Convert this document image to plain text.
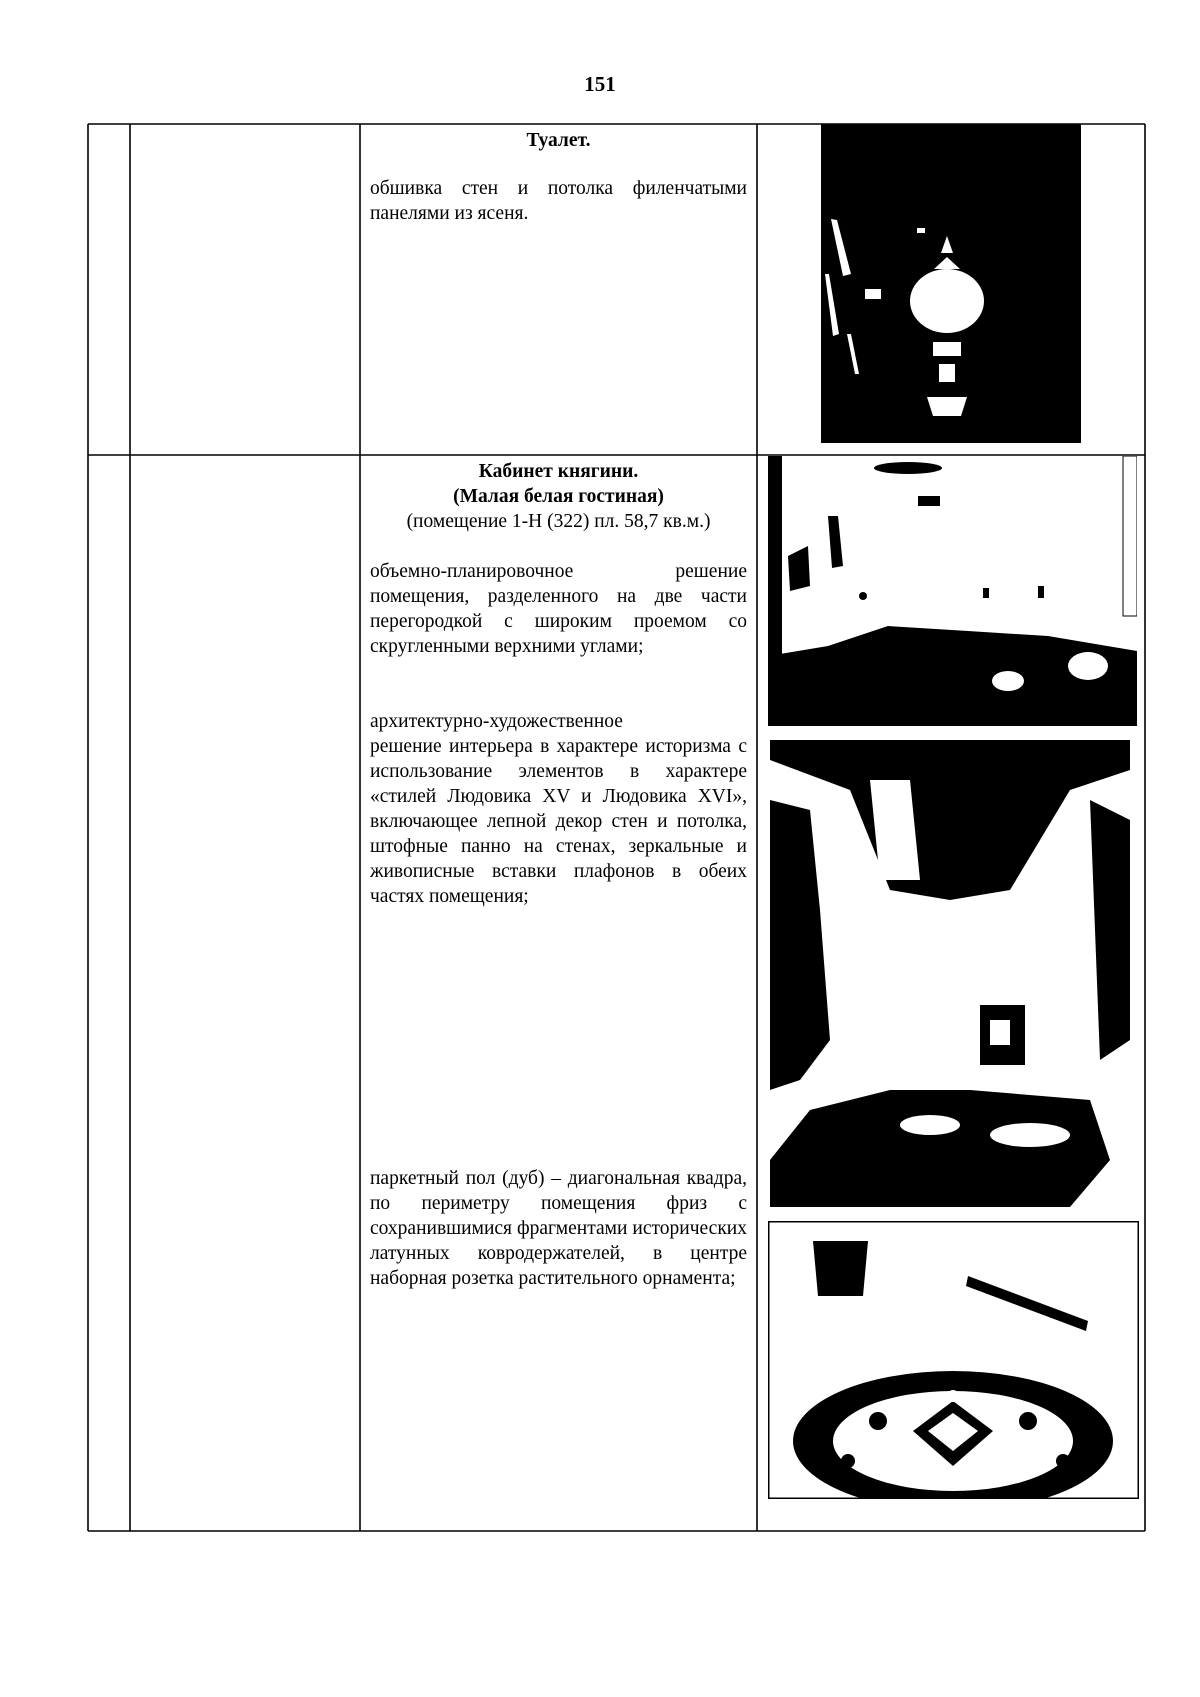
151
Туалет.

обшивка стен и потолка филенчатыми панелями из ясеня.

Кабинет княгини.
(Малая белая гостиная)
(помещение 1-Н (322) пл. 58,7 кв.м.)

объемно-планировочное решение помещения, разделенного на две части перегородкой с широким проемом со скругленными верхними углами;

архитектурно-художественное

решение интерьера в характере историзма с использование элементов в характере «стилей Людовика XV и Людовика XVI», включающее лепной декор стен и потолка, штофные панно на стенах, зеркальные и живописные вставки плафонов в обеих частях помещения;

паркетный пол (дуб) – диагональная квадра, по периметру помещения фриз с сохранившимися фрагментами исторических латунных ковродержателей, в центре наборная розетка растительного орнамента;
